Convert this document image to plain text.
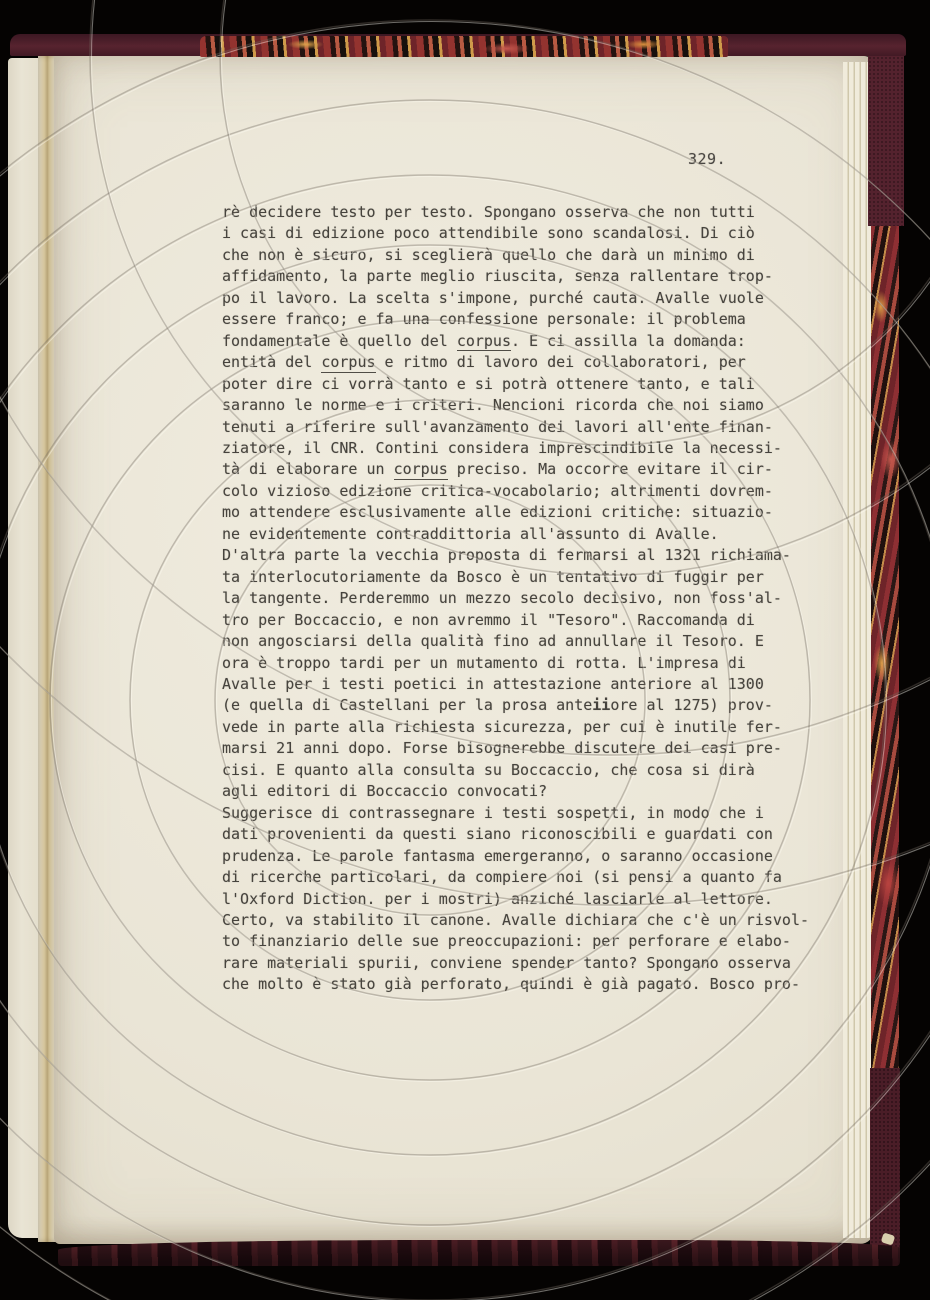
329.
rè decidere testo per testo. Spongano osserva che non tutti
i casi di edizione poco attendibile sono scandalosi. Di ciò
che non è sicuro, si sceglierà quello che darà un minimo di
affidamento, la parte meglio riuscita, senza rallentare trop-
po il lavoro. La scelta s'impone, purché cauta. Avalle vuole
essere franco; e fa una confessione personale: il problema
fondamentale è quello del corpus. E ci assilla la domanda:
entità del corpus e ritmo di lavoro dei collaboratori, per
poter dire ci vorrà tanto e si potrà ottenere tanto, e tali
saranno le norme e i criteri. Nencioni ricorda che noi siamo
tenuti a riferire sull'avanzamento dei lavori all'ente finan-
ziatore, il CNR. Contini considera imprescindibile la necessi-
tà di elaborare un corpus preciso. Ma occorre evitare il cir-
colo vizioso edizione critica-vocabolario; altrimenti dovrem-
mo attendere esclusivamente alle edizioni critiche: situazio-
ne evidentemente contraddittoria all'assunto di Avalle.
D'altra parte la vecchia proposta di fermarsi al 1321 richiama-
ta interlocutoriamente da Bosco è un tentativo di fuggir per
la tangente. Perderemmo un mezzo secolo decisivo, non foss'al-
tro per Boccaccio, e non avremmo il "Tesoro". Raccomanda di
non angosciarsi della qualità fino ad annullare il Tesoro. E
ora è troppo tardi per un mutamento di rotta. L'impresa di
Avalle per i testi poetici in attestazione anteriore al 1300
(e quella di Castellani per la prosa anteiiore al 1275) prov-
vede in parte alla richiesta sicurezza, per cui è inutile fer-
marsi 21 anni dopo. Forse bisognerebbe discutere dei casi pre-
cisi. E quanto alla consulta su Boccaccio, che cosa si dirà
agli editori di Boccaccio convocati?
Suggerisce di contrassegnare i testi sospetti, in modo che i
dati provenienti da questi siano riconoscibili e guardati con
prudenza. Le parole fantasma emergeranno, o saranno occasione
di ricerche particolari, da compiere noi (si pensi a quanto fa
l'Oxford Diction. per i mostri) anziché lasciarle al lettore.
Certo, va stabilito il canone. Avalle dichiara che c'è un risvol-
to finanziario delle sue preoccupazioni: per perforare e elabo-
rare materiali spurii, conviene spender tanto? Spongano osserva
che molto è stato già perforato, quindi è già pagato. Bosco pro-
